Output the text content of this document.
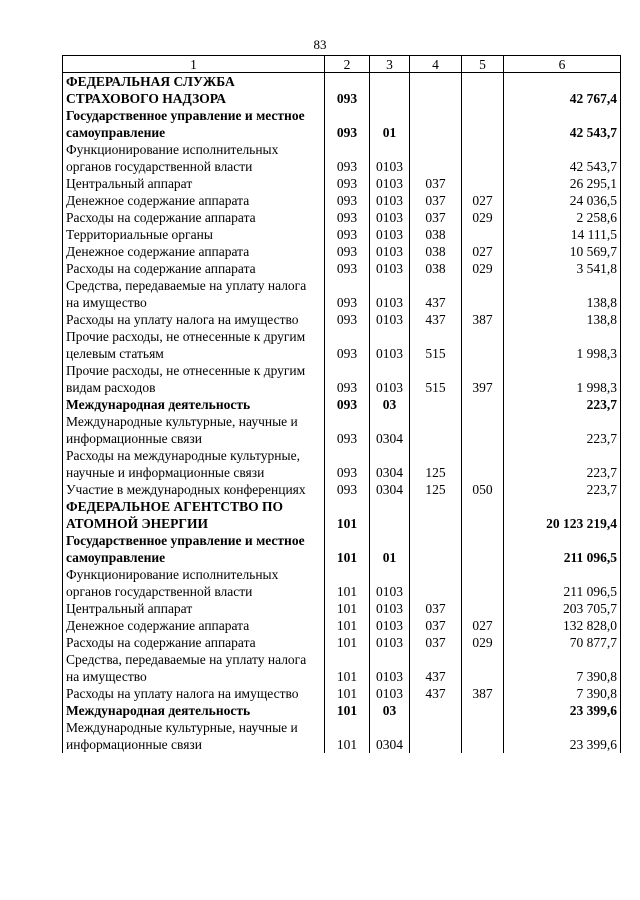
83
1	2	3	4	5	6
ФЕДЕРАЛЬНАЯ СЛУЖБА СТРАХОВОГО НАДЗОРА	093				42 767,4
Государственное управление и местное самоуправление	093	01			42 543,7
Функционирование исполнительных органов государственной власти	093	0103			42 543,7
Центральный аппарат	093	0103	037		26 295,1
Денежное содержание аппарата	093	0103	037	027	24 036,5
Расходы на содержание аппарата	093	0103	037	029	2 258,6
Территориальные органы	093	0103	038		14 111,5
Денежное содержание аппарата	093	0103	038	027	10 569,7
Расходы на содержание аппарата	093	0103	038	029	3 541,8
Средства, передаваемые на уплату налога на имущество	093	0103	437		138,8
Расходы на уплату налога на имущество	093	0103	437	387	138,8
Прочие расходы, не отнесенные к другим целевым статьям	093	0103	515		1 998,3
Прочие расходы, не отнесенные к другим видам расходов	093	0103	515	397	1 998,3
Международная деятельность	093	03			223,7
Международные культурные, научные и информационные связи	093	0304			223,7
Расходы на международные культурные, научные и информационные связи	093	0304	125		223,7
Участие в международных конференциях	093	0304	125	050	223,7
ФЕДЕРАЛЬНОЕ АГЕНТСТВО ПО АТОМНОЙ ЭНЕРГИИ	101				20 123 219,4
Государственное управление и местное самоуправление	101	01			211 096,5
Функционирование исполнительных органов государственной власти	101	0103			211 096,5
Центральный аппарат	101	0103	037		203 705,7
Денежное содержание аппарата	101	0103	037	027	132 828,0
Расходы на содержание аппарата	101	0103	037	029	70 877,7
Средства, передаваемые на уплату налога на имущество	101	0103	437		7 390,8
Расходы на уплату налога на имущество	101	0103	437	387	7 390,8
Международная деятельность	101	03			23 399,6
Международные культурные, научные и информационные связи	101	0304			23 399,6
